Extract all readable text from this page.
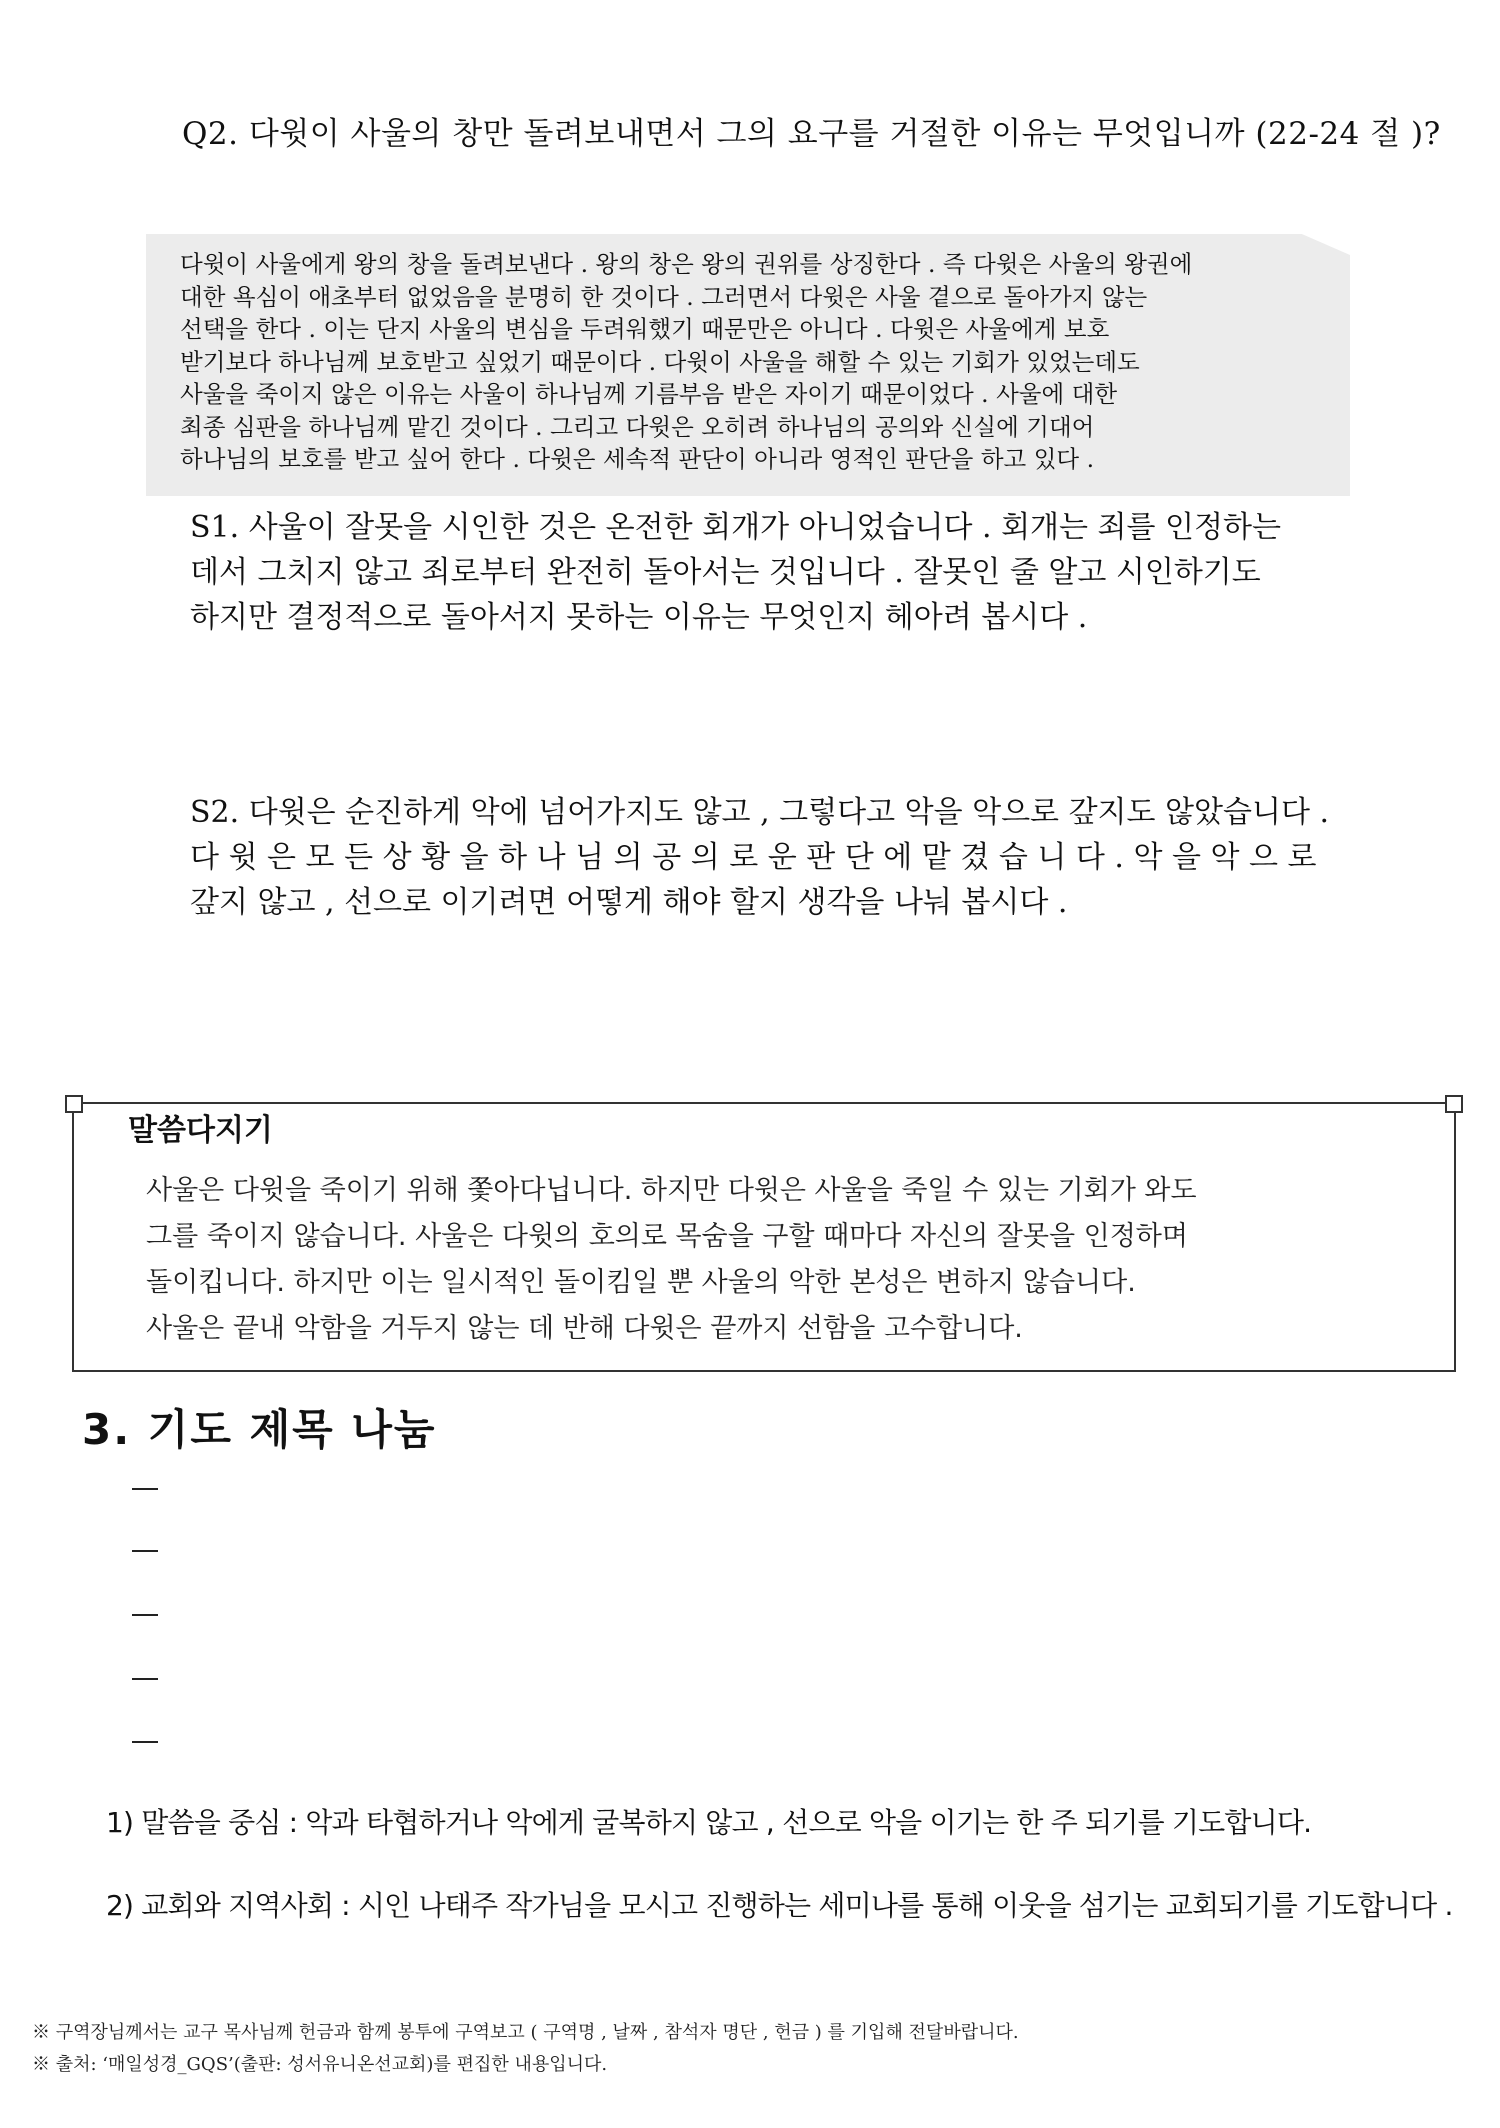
Q2. 다윗이 사울의 창만 돌려보내면서 그의 요구를 거절한 이유는 무엇입니까 (22-24 절 )?

다윗이 사울에게 왕의 창을 돌려보낸다 . 왕의 창은 왕의 권위를 상징한다 . 즉 다윗은 사울의 왕권에

대한 욕심이 애초부터 없었음을 분명히 한 것이다 . 그러면서 다윗은 사울 곁으로 돌아가지 않는

선택을 한다 . 이는 단지 사울의 변심을 두려워했기 때문만은 아니다 . 다윗은 사울에게 보호

받기보다 하나님께 보호받고 싶었기 때문이다 . 다윗이 사울을 해할 수 있는 기회가 있었는데도

사울을 죽이지 않은 이유는 사울이 하나님께 기름부음 받은 자이기 때문이었다 . 사울에 대한

최종 심판을 하나님께 맡긴 것이다 . 그리고 다윗은 오히려 하나님의 공의와 신실에 기대어

하나님의 보호를 받고 싶어 한다 . 다윗은 세속적 판단이 아니라 영적인 판단을 하고 있다 .

S1. 사울이 잘못을 시인한 것은 온전한 회개가 아니었습니다 . 회개는 죄를 인정하는

데서 그치지 않고 죄로부터 완전히 돌아서는 것입니다 . 잘못인 줄 알고 시인하기도

하지만 결정적으로 돌아서지 못하는 이유는 무엇인지 헤아려 봅시다 .

S2. 다윗은 순진하게 악에 넘어가지도 않고 , 그렇다고 악을 악으로 갚지도 않았습니다 .

다 윗 은 모 든 상 황 을 하 나 님 의 공 의 로 운 판 단 에 맡 겼 습 니 다 . 악 을 악 으 로

갚지 않고 , 선으로 이기려면 어떻게 해야 할지 생각을 나눠 봅시다 .

말씀다지기

사울은 다윗을 죽이기 위해 쫓아다닙니다. 하지만 다윗은 사울을 죽일 수 있는 기회가 와도

그를 죽이지 않습니다. 사울은 다윗의 호의로 목숨을 구할 때마다 자신의 잘못을 인정하며

돌이킵니다. 하지만 이는 일시적인 돌이킴일 뿐 사울의 악한 본성은 변하지 않습니다.

사울은 끝내 악함을 거두지 않는 데 반해 다윗은 끝까지 선함을 고수합니다.

3. 기도 제목 나눔
1) 말씀을 중심 : 악과 타협하거나 악에게 굴복하지 않고 , 선으로 악을 이기는 한 주 되기를 기도합니다.
2) 교회와 지역사회 : 시인 나태주 작가님을 모시고 진행하는 세미나를 통해 이웃을 섬기는 교회되기를 기도합니다 .
※ 구역장님께서는 교구 목사님께 헌금과 함께 봉투에 구역보고 ( 구역명 , 날짜 , 참석자 명단 , 헌금 ) 를 기입해 전달바랍니다.
※ 출처: ‘매일성경_GQS’(출판: 성서유니온선교회)를 편집한 내용입니다.
